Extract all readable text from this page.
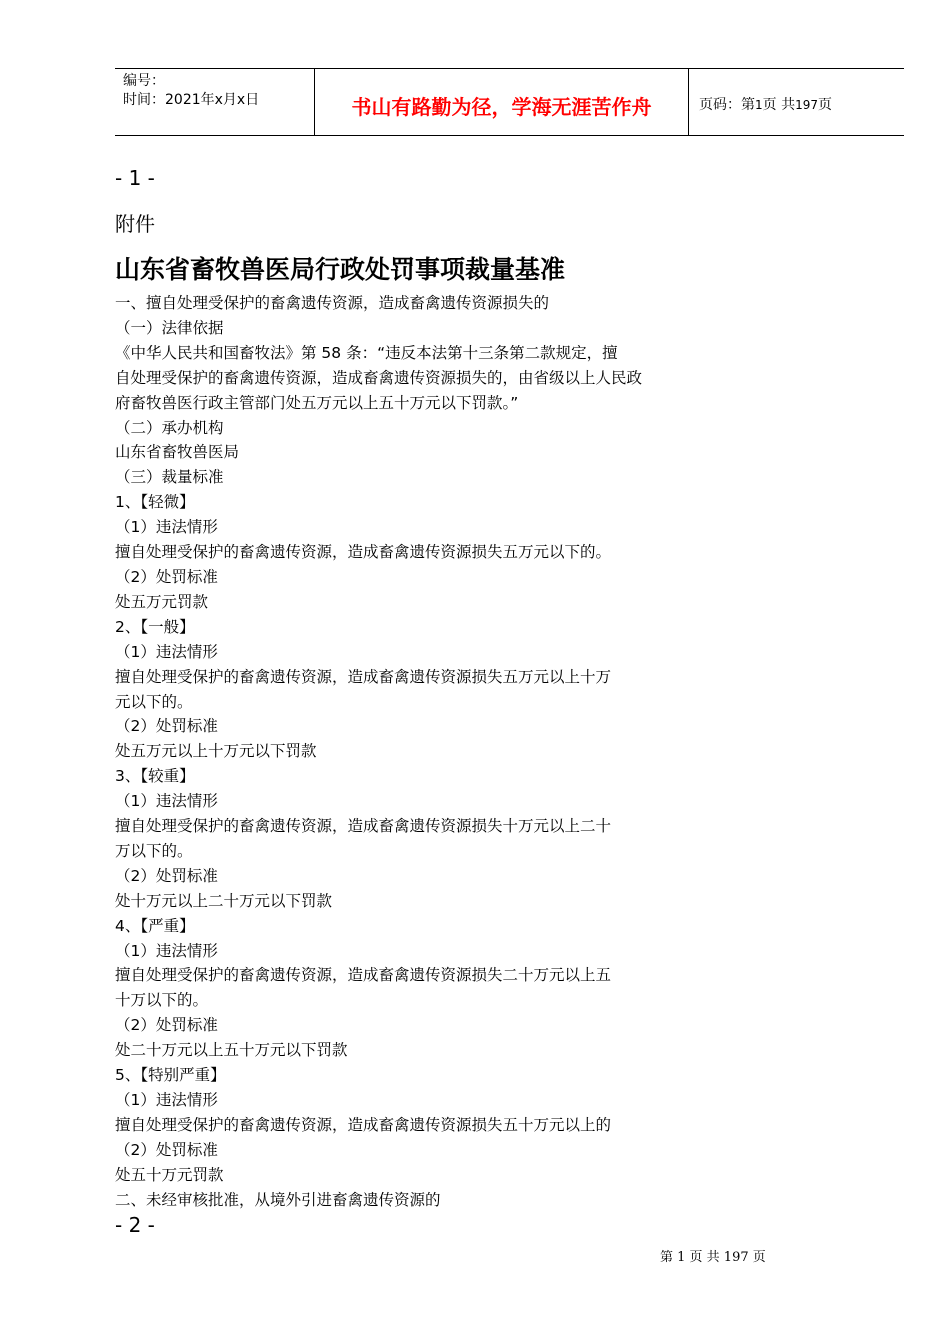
编号：
时间：2021年x月x日	书山有路勤为径，学海无涯苦作舟	页码：第1页 共197页
- 1 -
附件
山东省畜牧兽医局行政处罚事项裁量基准

一、擅自处理受保护的畜禽遗传资源，造成畜禽遗传资源损失的

（一）法律依据

《中华人民共和国畜牧法》第 58 条：“违反本法第十三条第二款规定，擅

自处理受保护的畜禽遗传资源，造成畜禽遗传资源损失的，由省级以上人民政

府畜牧兽医行政主管部门处五万元以上五十万元以下罚款。”

（二）承办机构

山东省畜牧兽医局

（三）裁量标准

1、【轻微】

（1）违法情形

擅自处理受保护的畜禽遗传资源，造成畜禽遗传资源损失五万元以下的。

（2）处罚标准

处五万元罚款

2、【一般】

（1）违法情形

擅自处理受保护的畜禽遗传资源，造成畜禽遗传资源损失五万元以上十万

元以下的。

（2）处罚标准

处五万元以上十万元以下罚款

3、【较重】

（1）违法情形

擅自处理受保护的畜禽遗传资源，造成畜禽遗传资源损失十万元以上二十

万以下的。

（2）处罚标准

处十万元以上二十万元以下罚款

4、【严重】

（1）违法情形

擅自处理受保护的畜禽遗传资源，造成畜禽遗传资源损失二十万元以上五

十万以下的。

（2）处罚标准

处二十万元以上五十万元以下罚款

5、【特别严重】

（1）违法情形

擅自处理受保护的畜禽遗传资源，造成畜禽遗传资源损失五十万元以上的

（2）处罚标准

处五十万元罚款

二、未经审核批准，从境外引进畜禽遗传资源的

- 2 -
第 1 页 共 197 页
